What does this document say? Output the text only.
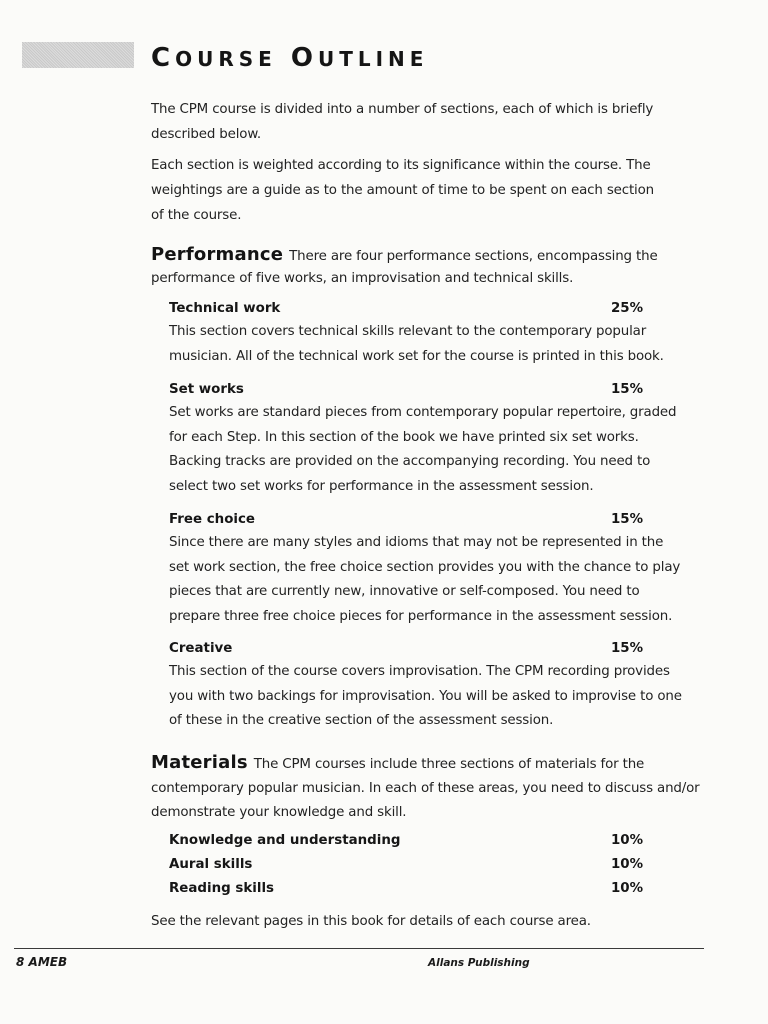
COURSE OUTLINE

The CPM course is divided into a number of sections, each of which is briefly
described below.

Each section is weighted according to its significance within the course. The
weightings are a guide as to the amount of time to be spent on each section
of the course.

Performance There are four performance sections, encompassing the
performance of five works, an improvisation and technical skills.

Technical work	25%
This section covers technical skills relevant to the contemporary popular
musician. All of the technical work set for the course is printed in this book.
Set works	15%
Set works are standard pieces from contemporary popular repertoire, graded
for each Step. In this section of the book we have printed six set works.
Backing tracks are provided on the accompanying recording. You need to
select two set works for performance in the assessment session.
Free choice	15%
Since there are many styles and idioms that may not be represented in the
set work section, the free choice section provides you with the chance to play
pieces that are currently new, innovative or self-composed. You need to
prepare three free choice pieces for performance in the assessment session.
Creative	15%
This section of the course covers improvisation. The CPM recording provides
you with two backings for improvisation. You will be asked to improvise to one
of these in the creative section of the assessment session.

Materials The CPM courses include three sections of materials for the
contemporary popular musician. In each of these areas, you need to discuss and/or
demonstrate your knowledge and skill.

Knowledge and understanding	10%
Aural skills	10%
Reading skills	10%

See the relevant pages in this book for details of each course area.

8 AMEB	Allans Publishing
